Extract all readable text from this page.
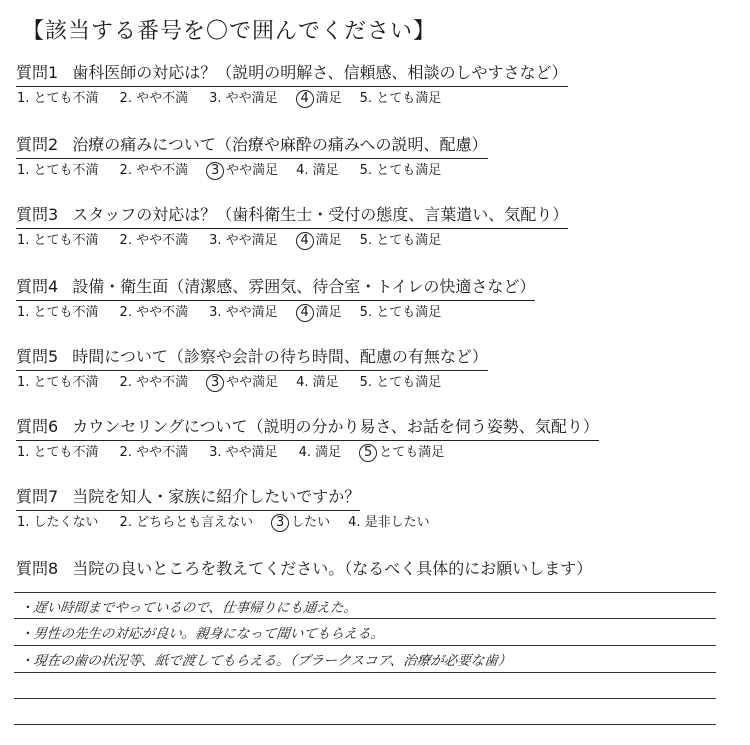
【該当する番号を〇で囲んでください】
質問1 歯科医師の対応は？（説明の明解さ、信頼感、相談のしやすさなど）
1. とても不満 2. やや不満 3. やや満足 4 満足 5. とても満足
質問2 治療の痛みについて（治療や麻酔の痛みへの説明、配慮）
1. とても不満 2. やや不満 3 やや満足 4. 満足 5. とても満足
質問3 スタッフの対応は？（歯科衛生士・受付の態度、言葉遣い、気配り）
1. とても不満 2. やや不満 3. やや満足 4 満足 5. とても満足
質問4 設備・衛生面（清潔感、雰囲気、待合室・トイレの快適さなど）
1. とても不満 2. やや不満 3. やや満足 4 満足 5. とても満足
質問5 時間について（診察や会計の待ち時間、配慮の有無など）
1. とても不満 2. やや不満 3 やや満足 4. 満足 5. とても満足
質問6 カウンセリングについて（説明の分かり易さ、お話を伺う姿勢、気配り）
1. とても不満 2. やや不満 3. やや満足 4. 満足 5 とても満足
質問7 当院を知人・家族に紹介したいですか？
1. したくない 2. どちらとも言えない 3 したい 4. 是非したい
質問8 当院の良いところを教えてください。（なるべく具体的にお願いします）
・遅い時間までやっているので、仕事帰りにも通えた。
・男性の先生の対応が良い。親身になって聞いてもらえる。
・現在の歯の状況等、紙で渡してもらえる。（プラークスコア、治療が必要な歯）
